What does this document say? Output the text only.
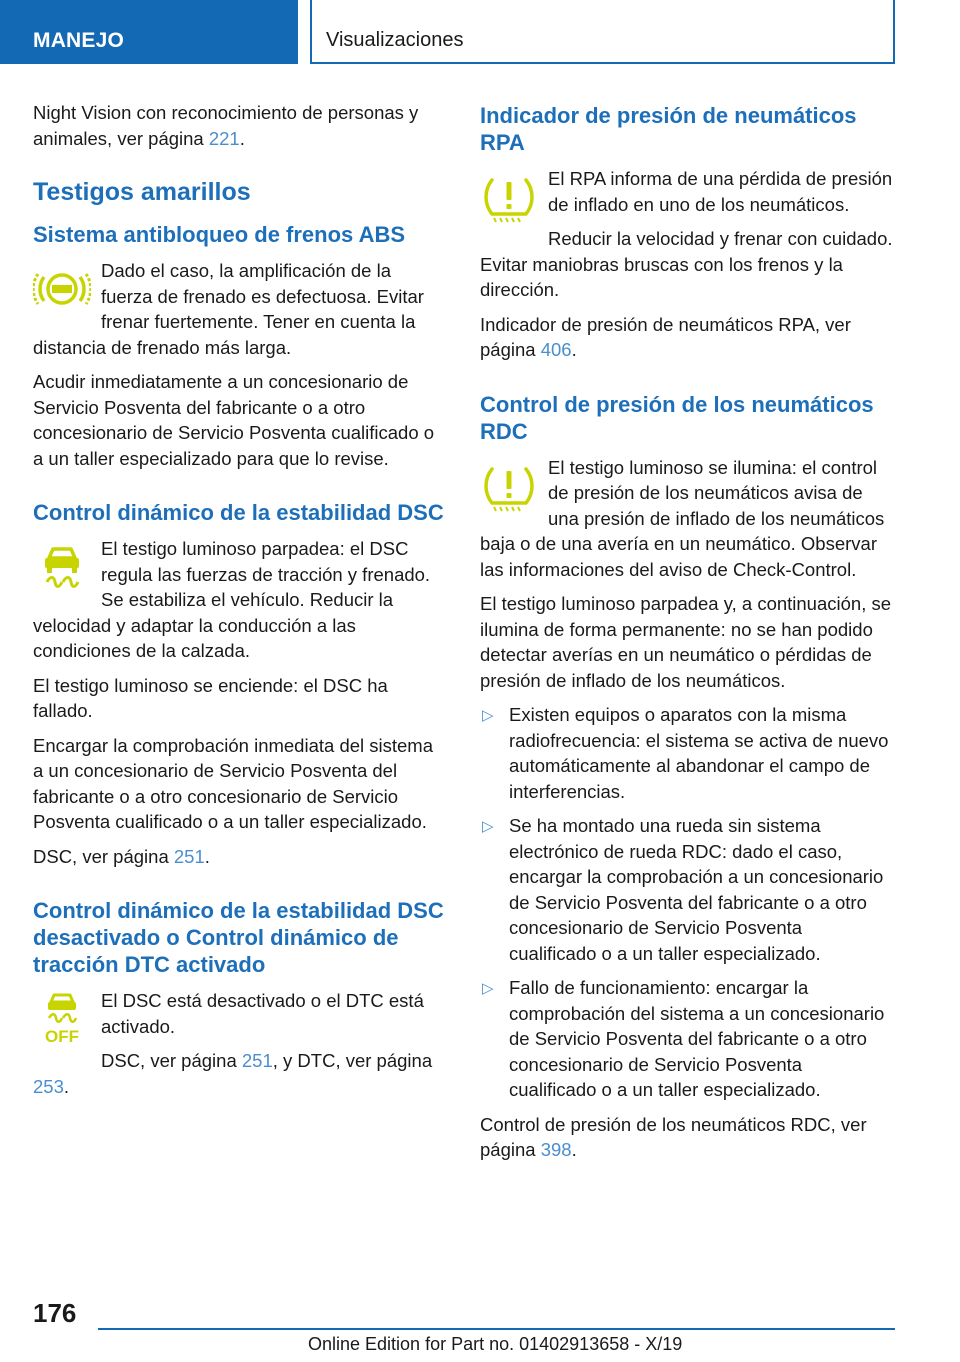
MANEJO	Visualizaciones

Night Vision con reconocimiento de personas y animales, ver página 221.

Testigos amarillos
Sistema antibloqueo de frenos ABS

Dado el caso, la amplificación de la fuerza de frenado es defectuosa. Evitar frenar fuertemente. Tener en cuenta la distancia de frenado más larga.

Acudir inmediatamente a un concesionario de Servicio Posventa del fabricante o a otro concesionario de Servicio Posventa cualificado o a un taller especializado para que lo revise.

Control dinámico de la estabilidad DSC

El testigo luminoso parpadea: el DSC regula las fuerzas de tracción y frenado. Se estabiliza el vehículo. Reducir la velocidad y adaptar la conducción a las condiciones de la calzada.

El testigo luminoso se enciende: el DSC ha fallado.

Encargar la comprobación inmediata del sistema a un concesionario de Servicio Posventa del fabricante o a otro concesionario de Servicio Posventa cualificado o a un taller especializado.

DSC, ver página 251.

Control dinámico de la estabilidad DSC desactivado o Control dinámico de tracción DTC activado
OFF

El DSC está desactivado o el DTC está activado.

DSC, ver página 251, y DTC, ver página 253.

Indicador de presión de neumáticos RPA

El RPA informa de una pérdida de presión de inflado en uno de los neumáticos.

Reducir la velocidad y frenar con cuidado. Evitar maniobras bruscas con los frenos y la dirección.

Indicador de presión de neumáticos RPA, ver página 406.

Control de presión de los neumáticos RDC

El testigo luminoso se ilumina: el control de presión de los neumáticos avisa de una presión de inflado de los neumáticos baja o de una avería en un neumático. Observar las informaciones del aviso de Check-Control.

El testigo luminoso parpadea y, a continuación, se ilumina de forma permanente: no se han podido detectar averías en un neumático o pérdidas de presión de inflado de los neumáticos.

▷ Existen equipos o aparatos con la misma radiofrecuencia: el sistema se activa de nuevo automáticamente al abandonar el campo de interferencias.
▷ Se ha montado una rueda sin sistema electrónico de rueda RDC: dado el caso, encargar la comprobación a un concesionario de Servicio Posventa del fabricante o a otro concesionario de Servicio Posventa cualificado o a un taller especializado.
▷ Fallo de funcionamiento: encargar la comprobación del sistema a un concesionario de Servicio Posventa del fabricante o a otro concesionario de Servicio Posventa cualificado o a un taller especializado.

Control de presión de los neumáticos RDC, ver página 398.

176
Online Edition for Part no. 01402913658 - X/19
